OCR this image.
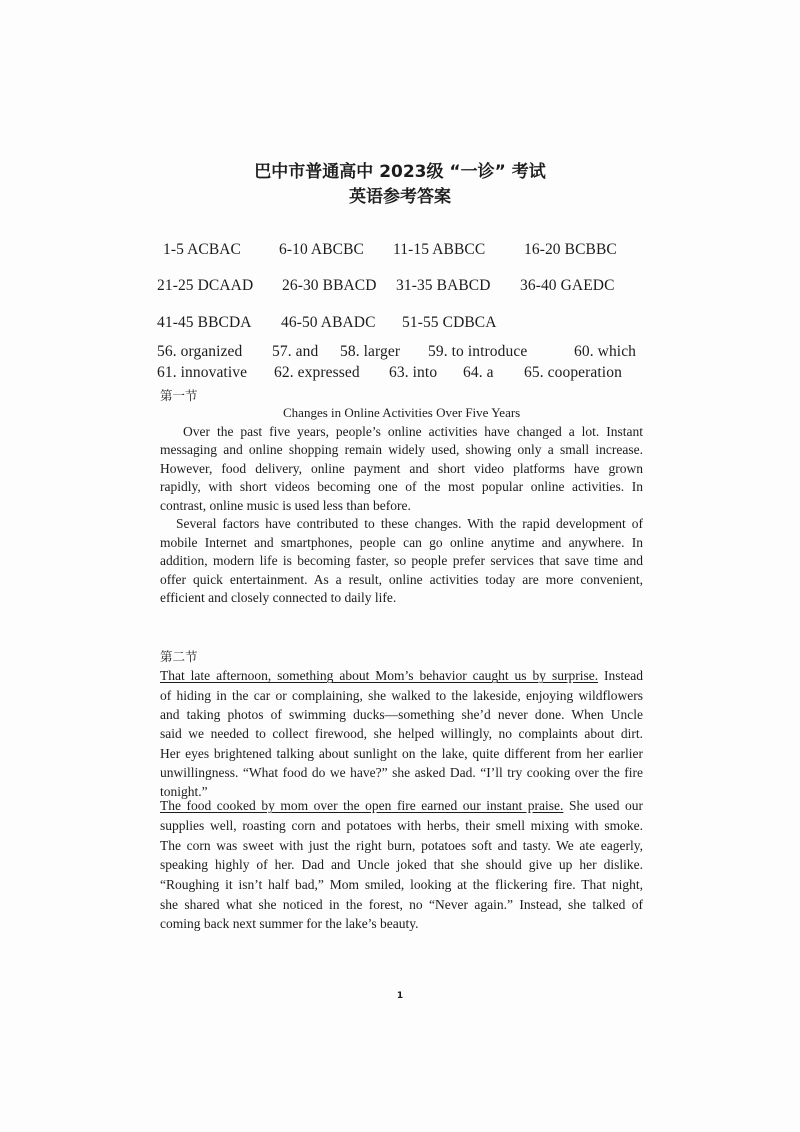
巴中市普通高中 2023级 “一诊” 考试
英语参考答案
1-5 ACBAC 6-10 ABCBC 11-15 ABBCC 16-20 BCBBC
21-25 DCAAD 26-30 BBACD 31-35 BABCD 36-40 GAEDC
41-45 BBCDA 46-50 ABADC 51-55 CDBCA
56. organized 57. and 58. larger 59. to introduce	60. which
61. innovative 62. expressed 63. into 64. a 65. cooperation
第一节
Changes in Online Activities Over Five Years
Over the past five years, people’s online activities have changed a lot. Instant
messaging and online shopping remain widely used, showing only a small increase.
However, food delivery, online payment and short video platforms have grown
rapidly, with short videos becoming one of the most popular online activities. In
contrast, online music is used less than before.
Several factors have contributed to these changes. With the rapid development of
mobile Internet and smartphones, people can go online anytime and anywhere. In
addition, modern life is becoming faster, so people prefer services that save time and
offer quick entertainment. As a result, online activities today are more convenient,
efficient and closely connected to daily life.
第二节
That late afternoon, something about Mom’s behavior caught us by surprise. Instead
of hiding in the car or complaining, she walked to the lakeside, enjoying wildflowers
and taking photos of swimming ducks—something she’d never done. When Uncle
said we needed to collect firewood, she helped willingly, no complaints about dirt.
Her eyes brightened talking about sunlight on the lake, quite different from her earlier
unwillingness. “What food do we have?” she asked Dad. “I’ll try cooking over the fire
tonight.”
The food cooked by mom over the open fire earned our instant praise. She used our
supplies well, roasting corn and potatoes with herbs, their smell mixing with smoke.
The corn was sweet with just the right burn, potatoes soft and tasty. We ate eagerly,
speaking highly of her. Dad and Uncle joked that she should give up her dislike.
“Roughing it isn’t half bad,” Mom smiled, looking at the flickering fire. That night,
she shared what she noticed in the forest, no “Never again.” Instead, she talked of
coming back next summer for the lake’s beauty.
1
